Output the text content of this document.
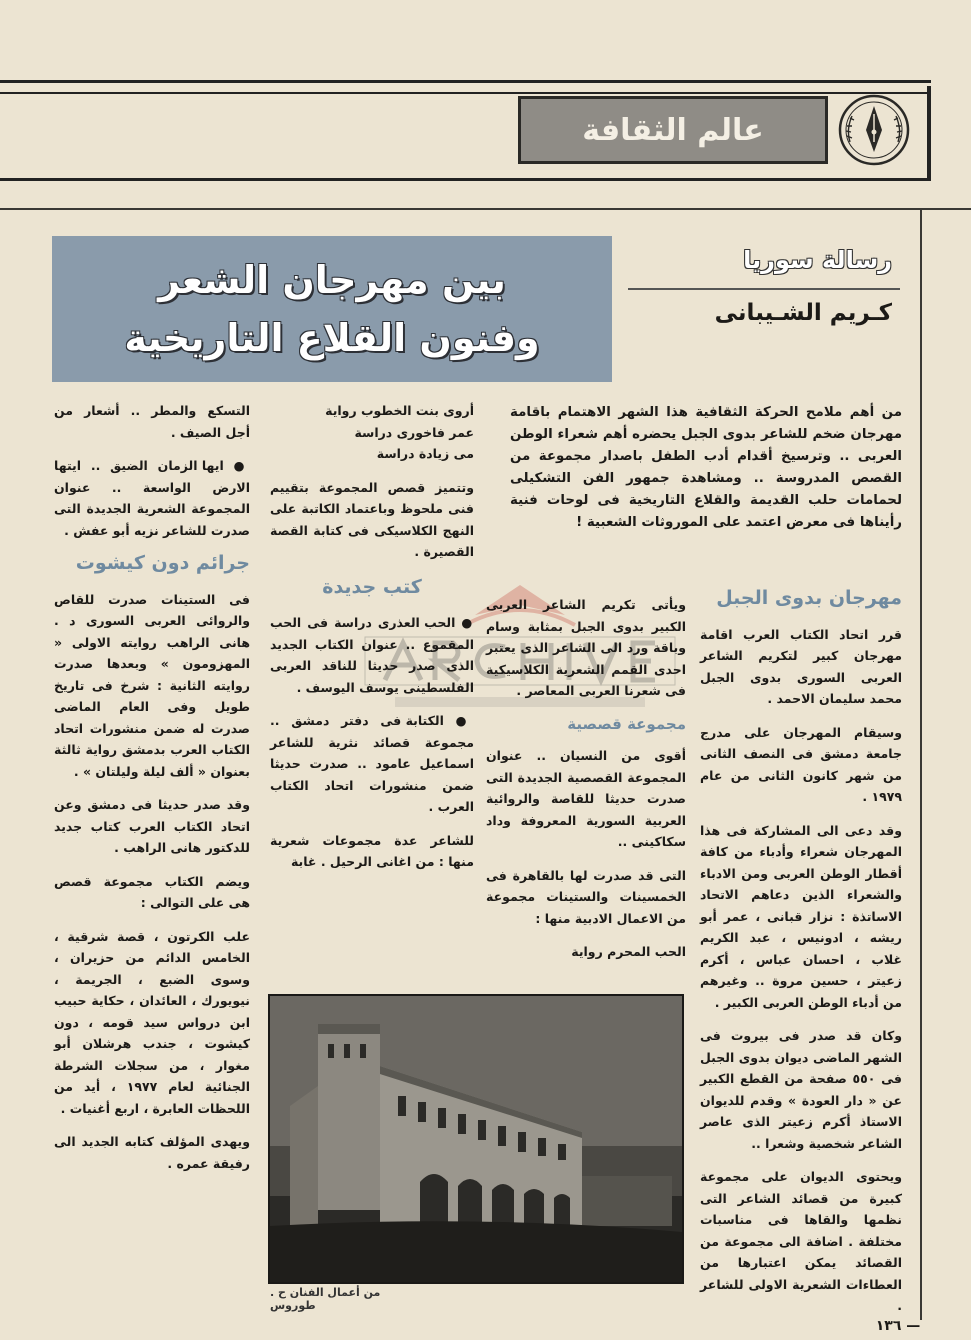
عالم الثقافة
رسالة سوريا
كـريم الشـيبانى
بين مهرجان الشعر
وفنون القلاع التاريخية
من أهم ملامح الحركة الثقافية هذا الشهر الاهتمام باقامة مهرجان ضخم للشاعر بدوى الجبل يحضره أهم شعراء الوطن العربى .. وترسيخ أقدام أدب الطفل باصدار مجموعة من القصص المدروسة .. ومشاهدة جمهور الفن التشكيلى لحمامات حلب القديمة والقلاع التاريخية فى لوحات فنية رأيناها فى معرض اعتمد على الموروثات الشعبية !
مهرجان بدوى الجبل

قرر اتحاد الكتاب العرب اقامة مهرجان كبير لتكريم الشاعر العربى السورى بدوى الجبل محمد سليمان الاحمد .

وسيقام المهرجان على مدرج جامعة دمشق فى النصف الثانى من شهر كانون الثانى من عام ١٩٧٩ .

وقد دعى الى المشاركة فى هذا المهرجان شعراء وأدباء من كافة أقطار الوطن العربى ومن الادباء والشعراء الذين دعاهم الاتحاد الاساتذة : نزار قبانى ، عمر أبو ريشه ، ادونيس ، عبد الكريم غلاب ، احسان عباس ، أكرم زعيتر ، حسين مروة .. وغيرهم من أدباء الوطن العربى الكبير .

وكان قد صدر فى بيروت فى الشهر الماضى ديوان بدوى الجبل فى ٥٥٠ صفحة من القطع الكبير عن « دار العودة » وقدم للديوان الاستاذ أكرم زعيتر الذى عاصر الشاعر شخصية وشعرا ..

ويحتوى الديوان على مجموعة كبيرة من قصائد الشاعر التى نظمها والقاها فى مناسبات مختلفة . اضافة الى مجموعة من القصائد يمكن اعتبارها من العطاءات الشعرية الاولى للشاعر .

ويأتى تكريم الشاعر العربى الكبير بدوى الجبل بمثابة وسام وباقة ورد الى الشاعر الذى يعتبر احدى القمم الشعرية الكلاسيكية فى شعرنا العربى المعاصر .

مجموعة قصصية

أقوى من النسيان .. عنوان المجموعة القصصية الجديدة التى صدرت حديثا للقاصة والروائية العربية السورية المعروفة وداد سكاكينى ..

التى قد صدرت لها بالقاهرة فى الخمسينات والستينات مجموعة من الاعمال الادبية منها :

الحب المحرم رواية

أروى بنت الخطوب رواية

عمر فاخورى دراسة

مى زيادة دراسة

وتتميز قصص المجموعة بتقييم فنى ملحوظ وباعتماد الكاتبة على النهج الكلاسيكى فى كتابة القصة القصيرة .

كتب جديدة

● الحب العذرى دراسة فى الحب المقموع .. عنوان الكتاب الجديد الذى صدر حديثا للناقد العربى الفلسطينى يوسف اليوسف .

● الكتابة فى دفتر دمشق .. مجموعة قصائد نثرية للشاعر اسماعيل عامود .. صدرت حديثا ضمن منشورات اتحاد الكتاب العرب .

للشاعر عدة مجموعات شعرية منها : من اغانى الرحيل . غابة

التسكع والمطر .. أشعار من أجل الصيف .

● ايها الزمان الضيق .. ايتها الارض الواسعة .. عنوان المجموعة الشعرية الجديدة التى صدرت للشاعر نزيه أبو عفش .

جرائم دون كيشوت

فى الستينات صدرت للقاص والروائى العربى السورى د . هانى الراهب روايته الاولى « المهزومون » وبعدها صدرت روايته الثانية : شرخ فى تاريخ طويل وفى العام الماضى صدرت له ضمن منشورات اتحاد الكتاب العرب بدمشق رواية ثالثة بعنوان « ألف ليلة وليلتان » .

وقد صدر حديثا فى دمشق وعن اتحاد الكتاب العرب كتاب جديد للدكتور هانى الراهب .

ويضم الكتاب مجموعة قصص هى على التوالى :

علب الكرتون ، قصة شرقية ، الخامس الدائم من حزيران ، وسوى الضبع ، الجريمة ، نيويورك ، العائدان ، حكاية حبيب ابن درواس سيد قومه ، دون كيشوت ، جندب هرشلان أبو مغوار ، من سجلات الشرطة الجنائية لعام ١٩٧٧ ، أيد من اللحظات العابرة ، اربع أغنيات .

ويهدى المؤلف كتابه الجديد الى رفيقة عمره .

من أعمال الفنان ح . طوروس
— ١٣٦
